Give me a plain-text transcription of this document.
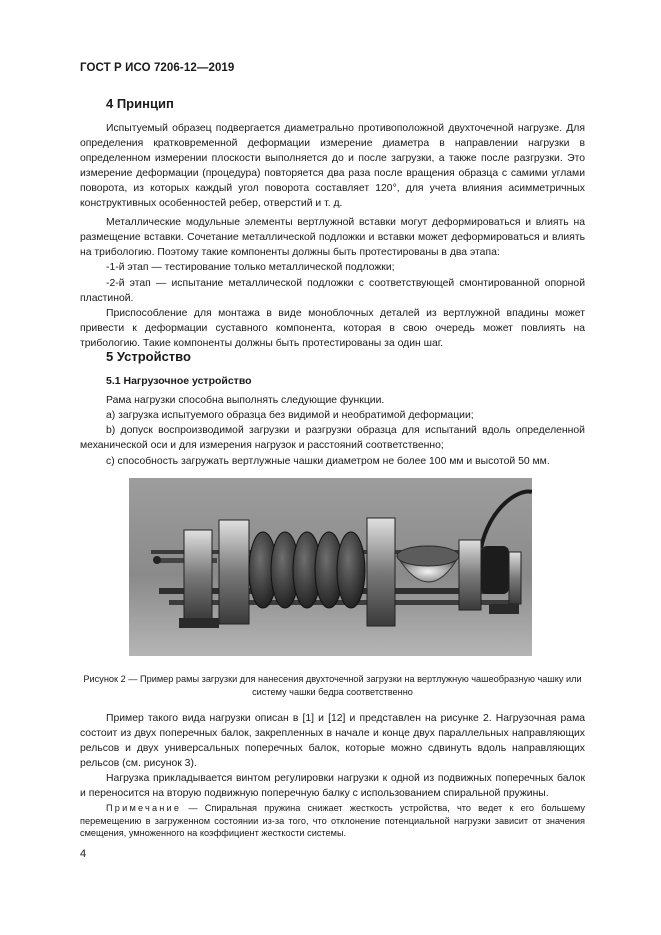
ГОСТ Р ИСО 7206-12—2019
4 Принцип

Испытуемый образец подвергается диаметрально противоположной двухточечной нагрузке. Для определения кратковременной деформации измерение диаметра в направлении нагрузки в определенном измерении плоскости выполняется до и после загрузки, а также после разгрузки. Это измерение деформации (процедура) повторяется два раза после вращения образца с самими углами поворота, из которых каждый угол поворота составляет 120°, для учета влияния асимметричных конструктивных особенностей ребер, отверстий и т. д.

Металлические модульные элементы вертлужной вставки могут деформироваться и влиять на размещение вставки. Сочетание металлической подложки и вставки может деформироваться и влиять на трибологию. Поэтому такие компоненты должны быть протестированы в два этапа:

-1-й этап — тестирование только металлической подложки;

-2-й этап — испытание металлической подложки с соответствующей смонтированной опорной пластиной.

Приспособление для монтажа в виде моноблочных деталей из вертлужной впадины может привести к деформации суставного компонента, которая в свою очередь может повлиять на трибологию. Такие компоненты должны быть протестированы за один шаг.

5 Устройство
5.1 Нагрузочное устройство

Рама нагрузки способна выполнять следующие функции.

a) загрузка испытуемого образца без видимой и необратимой деформации;

b) допуск воспроизводимой загрузки и разгрузки образца для испытаний вдоль определенной механической оси и для измерения нагрузок и расстояний соответственно;

c) способность загружать вертлужные чашки диаметром не более 100 мм и высотой 50 мм.

Рисунок 2 — Пример рамы загрузки для нанесения двухточечной загрузки на вертлужную чашеобразную чашку или систему чашки бедра соответственно

Пример такого вида нагрузки описан в [1] и [12] и представлен на рисунке 2. Нагрузочная рама состоит из двух поперечных балок, закрепленных в начале и конце двух параллельных направляющих рельсов и двух универсальных поперечных балок, которые можно сдвинуть вдоль направляющих рельсов (см. рисунок 3).

Нагрузка прикладывается винтом регулировки нагрузки к одной из подвижных поперечных балок и переносится на вторую подвижную поперечную балку с использованием спиральной пружины.

Примечание — Спиральная пружина снижает жесткость устройства, что ведет к его большему перемещению в загруженном состоянии из-за того, что отклонение потенциальной нагрузки зависит от значения смещения, умноженного на коэффициент жесткости системы.

4
